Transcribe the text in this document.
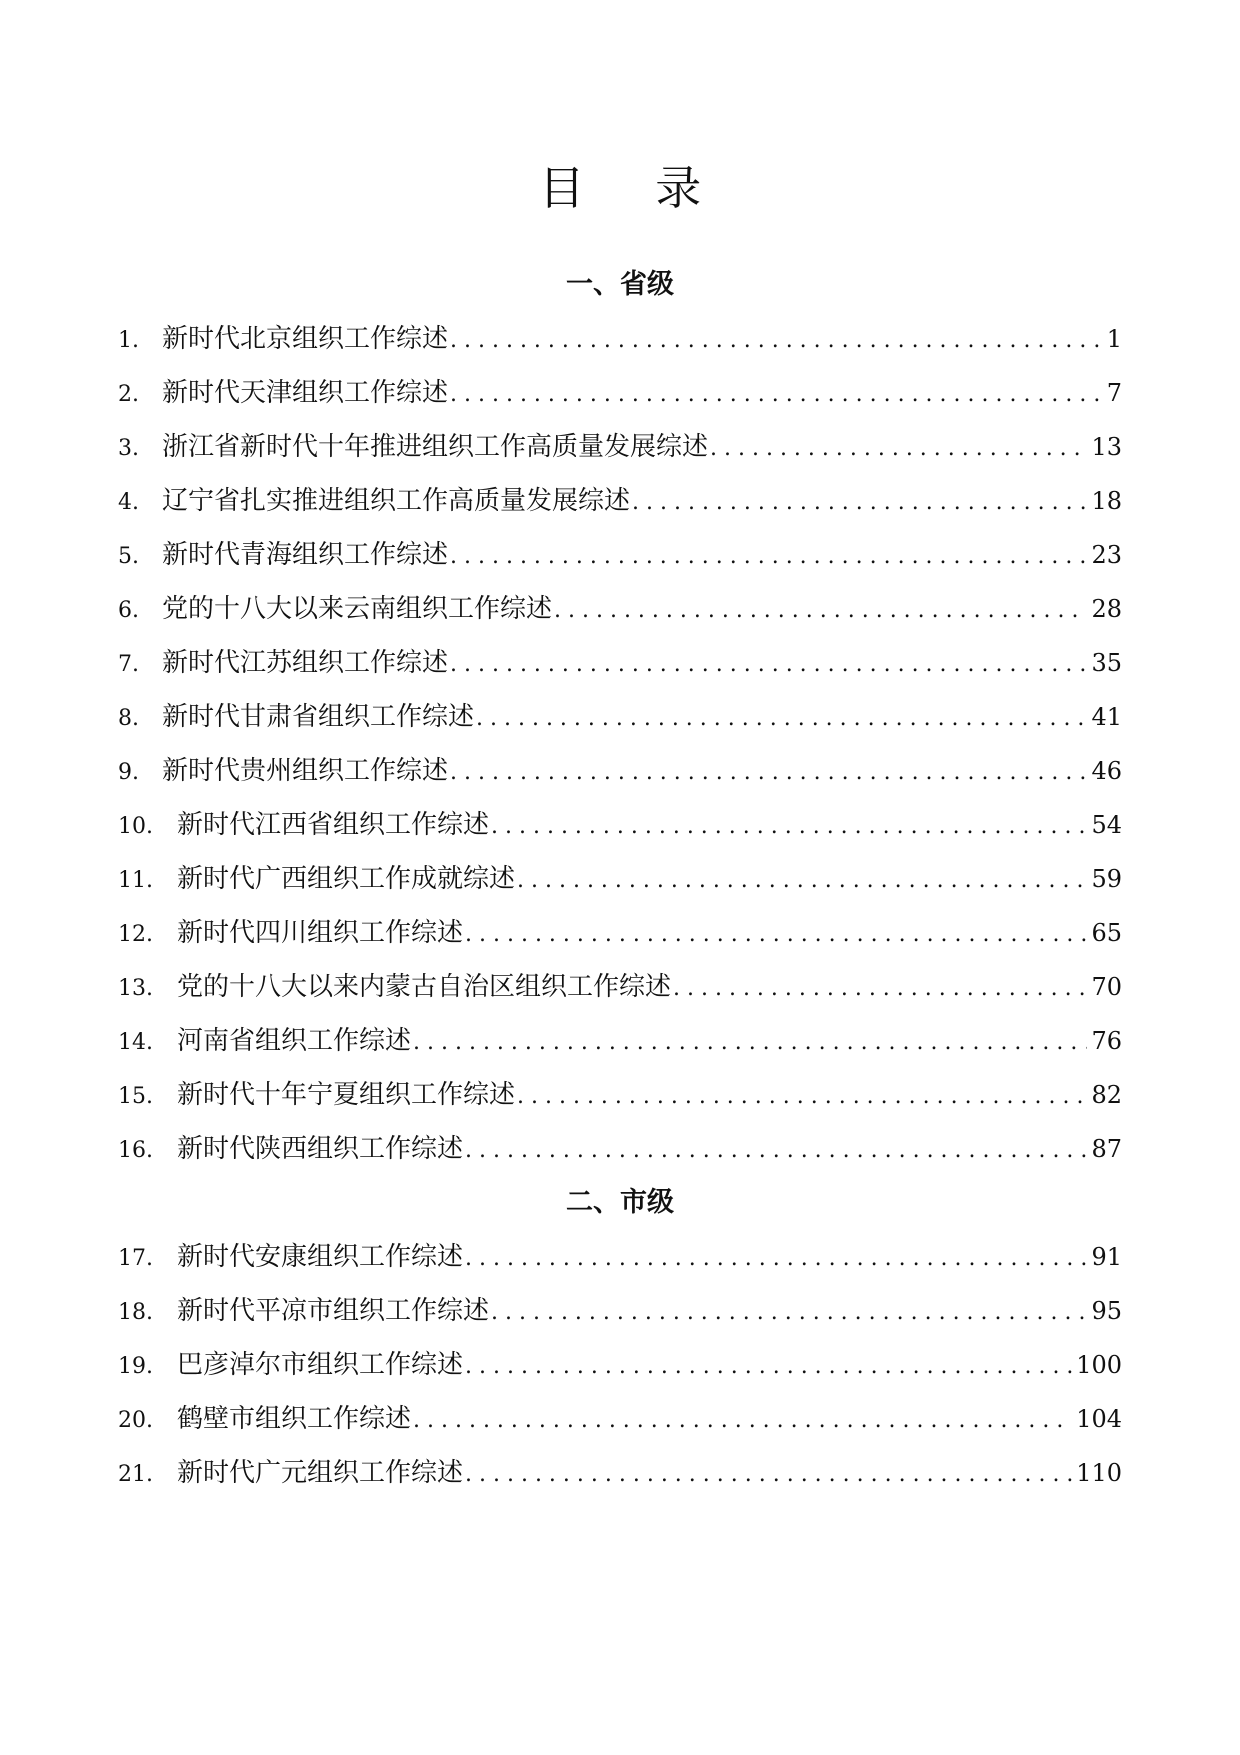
目 录
一、省级
1. 新时代北京组织工作综述 . . .	1
2. 新时代天津组织工作综述 . . .	7
3. 浙江省新时代十年推进组织工作高质量发展综述 . . .	13
4. 辽宁省扎实推进组织工作高质量发展综述 . . .	18
5. 新时代青海组织工作综述 . . .	23
6. 党的十八大以来云南组织工作综述 . . .	28
7. 新时代江苏组织工作综述 . . .	35
8. 新时代甘肃省组织工作综述 . . .	41
9. 新时代贵州组织工作综述 . . .	46
10. 新时代江西省组织工作综述 . . .	54
11. 新时代广西组织工作成就综述 . . .	59
12. 新时代四川组织工作综述 . . .	65
13. 党的十八大以来内蒙古自治区组织工作综述 . . .	70
14. 河南省组织工作综述 . . .	76
15. 新时代十年宁夏组织工作综述 . . .	82
16. 新时代陕西组织工作综述 . . .	87
二、市级
17. 新时代安康组织工作综述 . . .	91
18. 新时代平凉市组织工作综述 . . .	95
19. 巴彦淖尔市组织工作综述 . . .	100
20. 鹤壁市组织工作综述 . . .	104
21. 新时代广元组织工作综述 . . .	110
